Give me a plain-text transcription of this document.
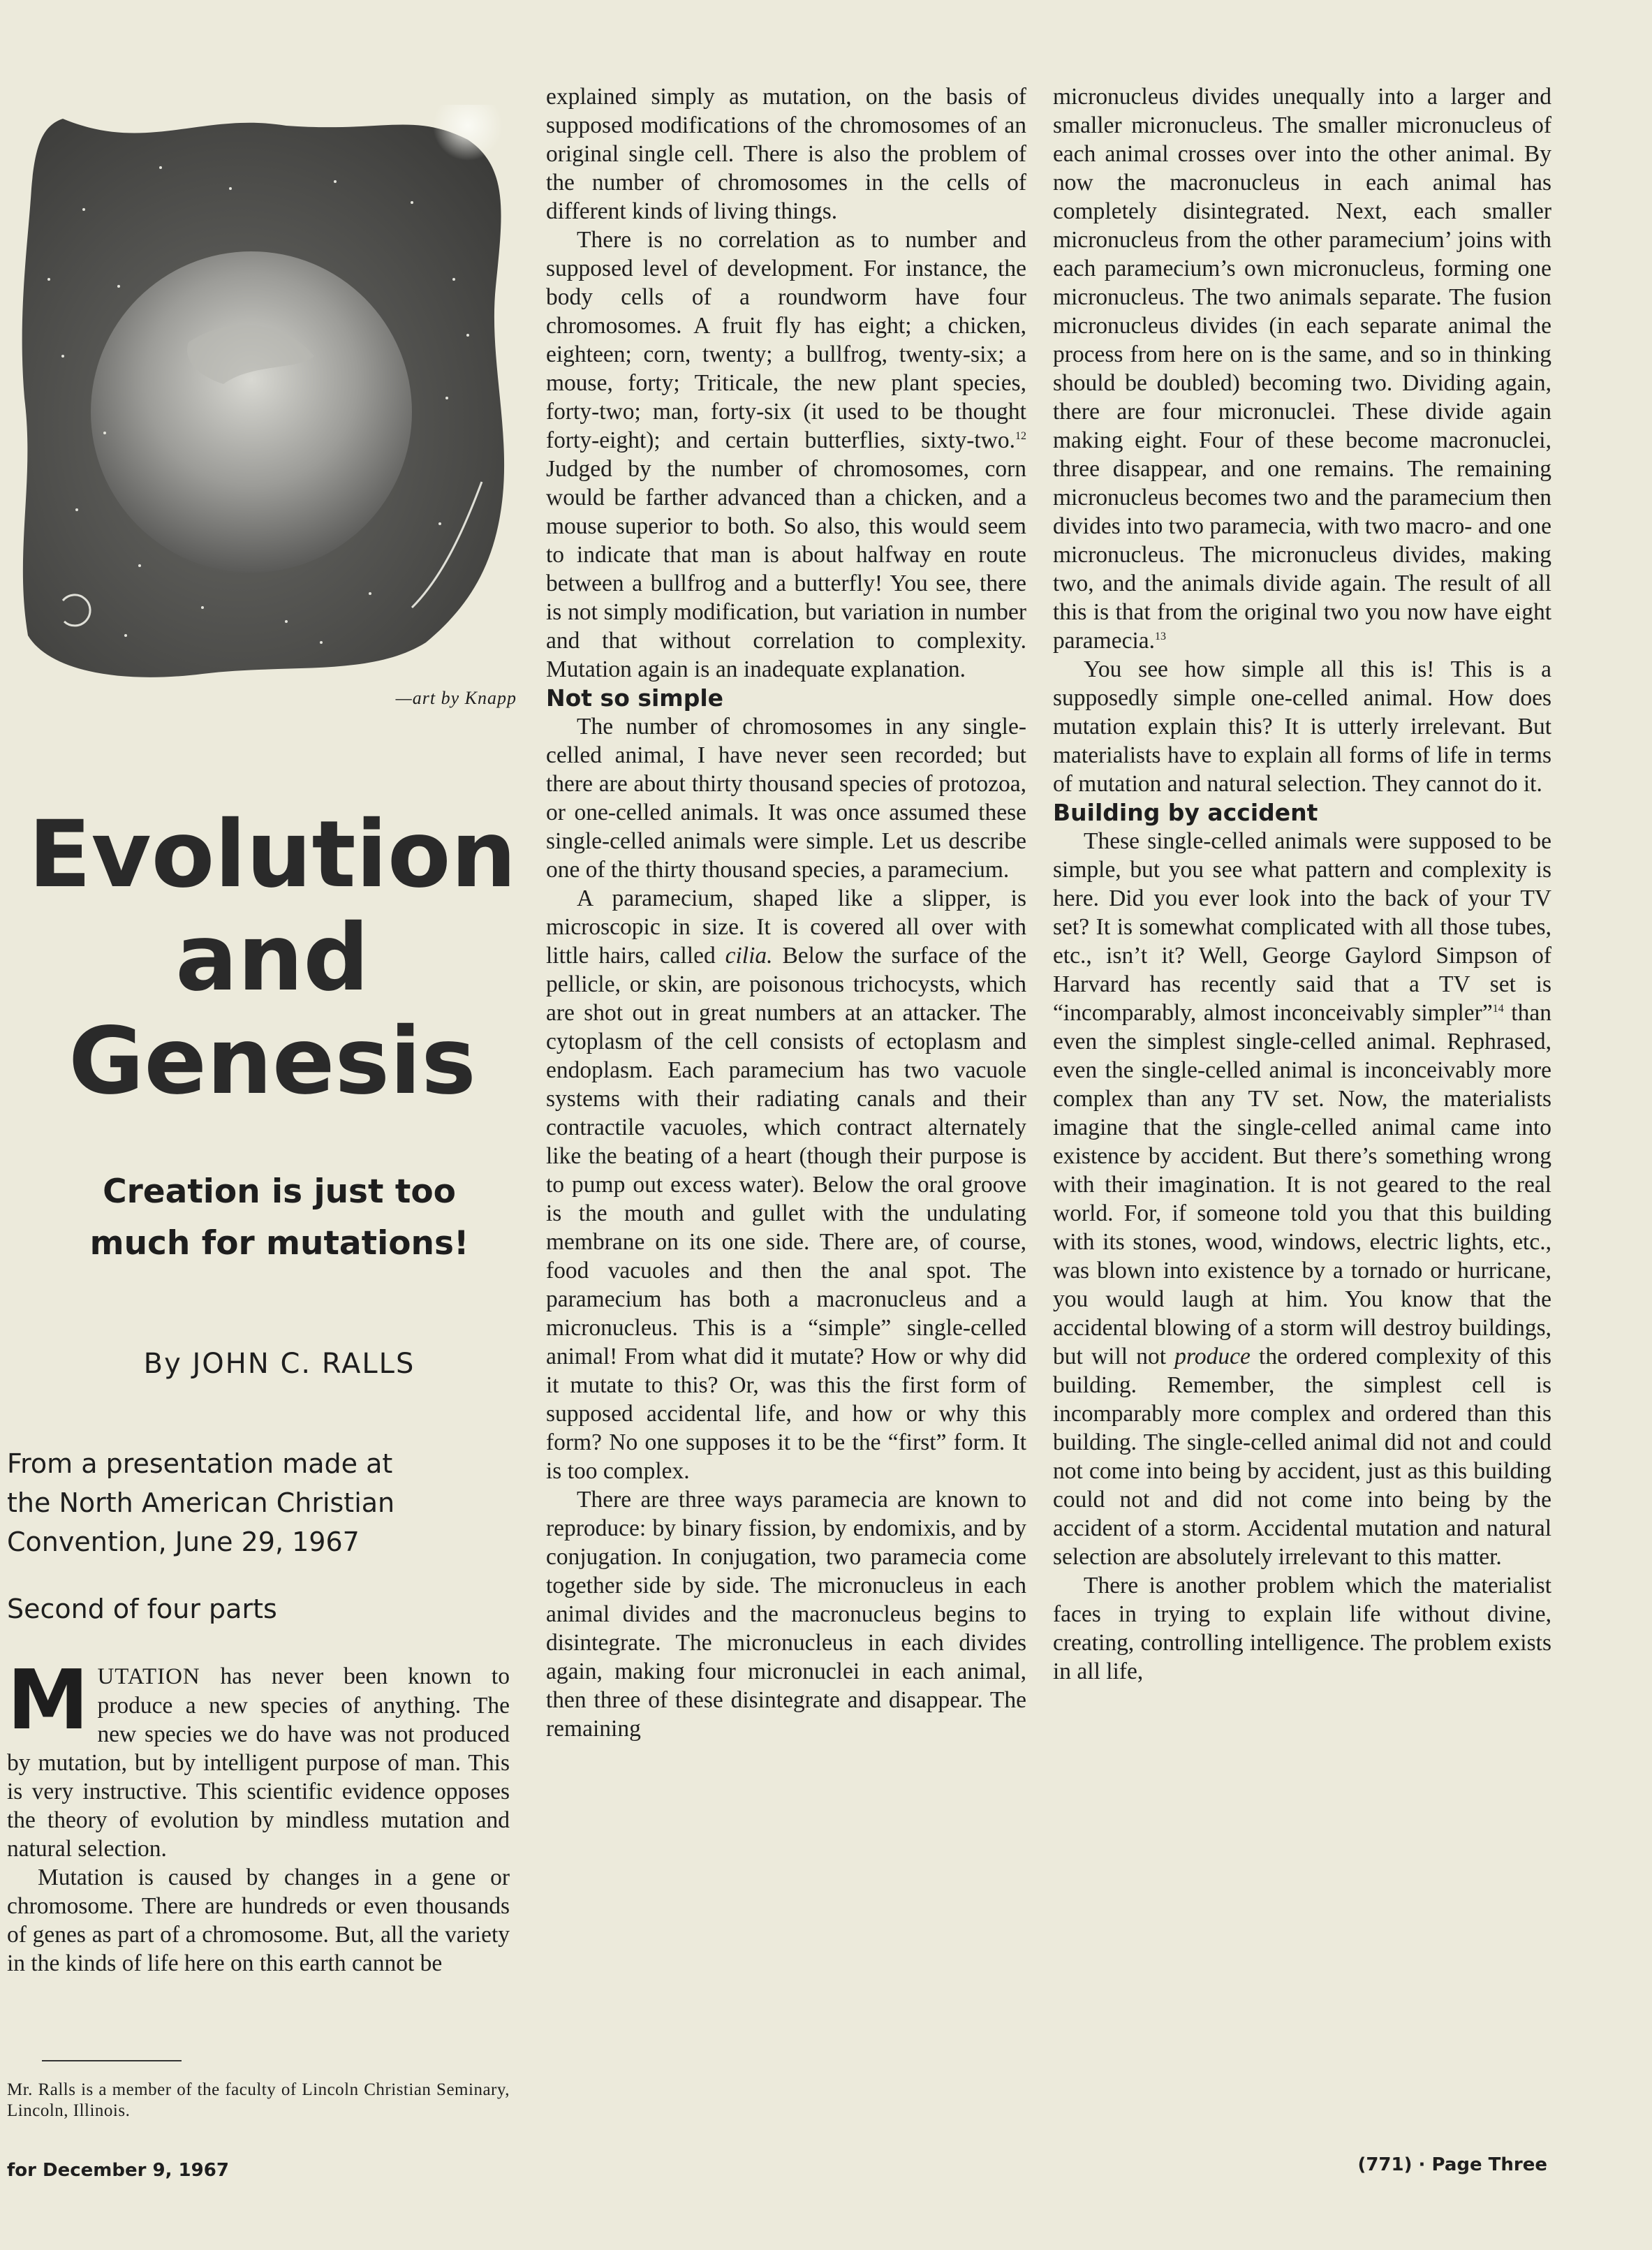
—art by Knapp
Evolution
and
Genesis
Creation is just too
much for mutations!
By JOHN C. RALLS

From a presentation made at
the North American Christian
Convention, June 29, 1967

Second of four parts

MUTATION has never been known to produce a new species of anything. The new species we do have was not produced by mutation, but by intelligent purpose of man. This is very instructive. This scientific evidence opposes the theory of evolution by mindless mutation and natural selection.

Mutation is caused by changes in a gene or chromosome. There are hundreds or even thousands of genes as part of a chromosome. But, all the variety in the kinds of life here on this earth cannot be

Mr. Ralls is a member of the faculty of Lincoln Christian Seminary, Lincoln, Illinois.

explained simply as mutation, on the basis of supposed modifications of the chromosomes of an original single cell. There is also the problem of the number of chromosomes in the cells of different kinds of living things.

There is no correlation as to number and supposed level of development. For instance, the body cells of a roundworm have four chromosomes. A fruit fly has eight; a chicken, eighteen; corn, twenty; a bullfrog, twenty-six; a mouse, forty; Triticale, the new plant species, forty-two; man, forty-six (it used to be thought forty-eight); and certain butterflies, sixty-two.$^{12}$ Judged by the number of chromosomes, corn would be farther advanced than a chicken, and a mouse superior to both. So also, this would seem to indicate that man is about halfway en route between a bullfrog and a butterfly! You see, there is not simply modification, but variation in number and that without correlation to complexity. Mutation again is an inadequate explanation.

Not so simple

The number of chromosomes in any single-celled animal, I have never seen recorded; but there are about thirty thousand species of protozoa, or one-celled animals. It was once assumed these single-celled animals were simple. Let us describe one of the thirty thousand species, a paramecium.

A paramecium, shaped like a slipper, is microscopic in size. It is covered all over with little hairs, called cilia. Below the surface of the pellicle, or skin, are poisonous trichocysts, which are shot out in great numbers at an attacker. The cytoplasm of the cell consists of ectoplasm and endoplasm. Each paramecium has two vacuole systems with their radiating canals and their contractile vacuoles, which contract alternately like the beating of a heart (though their purpose is to pump out excess water). Below the oral groove is the mouth and gullet with the undulating membrane on its one side. There are, of course, food vacuoles and then the anal spot. The paramecium has both a macronucleus and a micronucleus. This is a “simple” single-celled animal! From what did it mutate? How or why did it mutate to this? Or, was this the first form of supposed accidental life, and how or why this form? No one supposes it to be the “first” form. It is too complex.

There are three ways paramecia are known to reproduce: by binary fission, by endomixis, and by conjugation. In conjugation, two paramecia come together side by side. The micronucleus in each animal divides and the macronucleus begins to disintegrate. The micronucleus in each divides again, making four micronuclei in each animal, then three of these disintegrate and disappear. The remaining

micronucleus divides unequally into a larger and smaller micronucleus. The smaller micronucleus of each animal crosses over into the other animal. By now the macronucleus in each animal has completely disintegrated. Next, each smaller micronucleus from the other paramecium’ joins with each paramecium’s own micronucleus, forming one micronucleus. The two animals separate. The fusion micronucleus divides (in each separate animal the process from here on is the same, and so in thinking should be doubled) becoming two. Dividing again, there are four micronuclei. These divide again making eight. Four of these become macronuclei, three disappear, and one remains. The remaining micronucleus becomes two and the paramecium then divides into two paramecia, with two macro- and one micronucleus. The micronucleus divides, making two, and the animals divide again. The result of all this is that from the original two you now have eight paramecia.$^{13}$

You see how simple all this is! This is a supposedly simple one-celled animal. How does mutation explain this? It is utterly irrelevant. But materialists have to explain all forms of life in terms of mutation and natural selection. They cannot do it.

Building by accident

These single-celled animals were supposed to be simple, but you see what pattern and complexity is here. Did you ever look into the back of your TV set? It is somewhat complicated with all those tubes, etc., isn’t it? Well, George Gaylord Simpson of Harvard has recently said that a TV set is “incomparably, almost inconceivably simpler”$^{14}$ than even the simplest single-celled animal. Rephrased, even the single-celled animal is inconceivably more complex than any TV set. Now, the materialists imagine that the single-celled animal came into existence by accident. But there’s something wrong with their imagination. It is not geared to the real world. For, if someone told you that this building with its stones, wood, windows, electric lights, etc., was blown into existence by a tornado or hurricane, you would laugh at him. You know that the accidental blowing of a storm will destroy buildings, but will not produce the ordered complexity of this building. Remember, the simplest cell is incomparably more complex and ordered than this building. The single-celled animal did not and could not come into being by accident, just as this building could not and did not come into being by the accident of a storm. Accidental mutation and natural selection are absolutely irrelevant to this matter.

There is another problem which the materialist faces in trying to explain life without divine, creating, controlling intelligence. The problem exists in all life,

for December 9, 1967	(771) · Page Three
